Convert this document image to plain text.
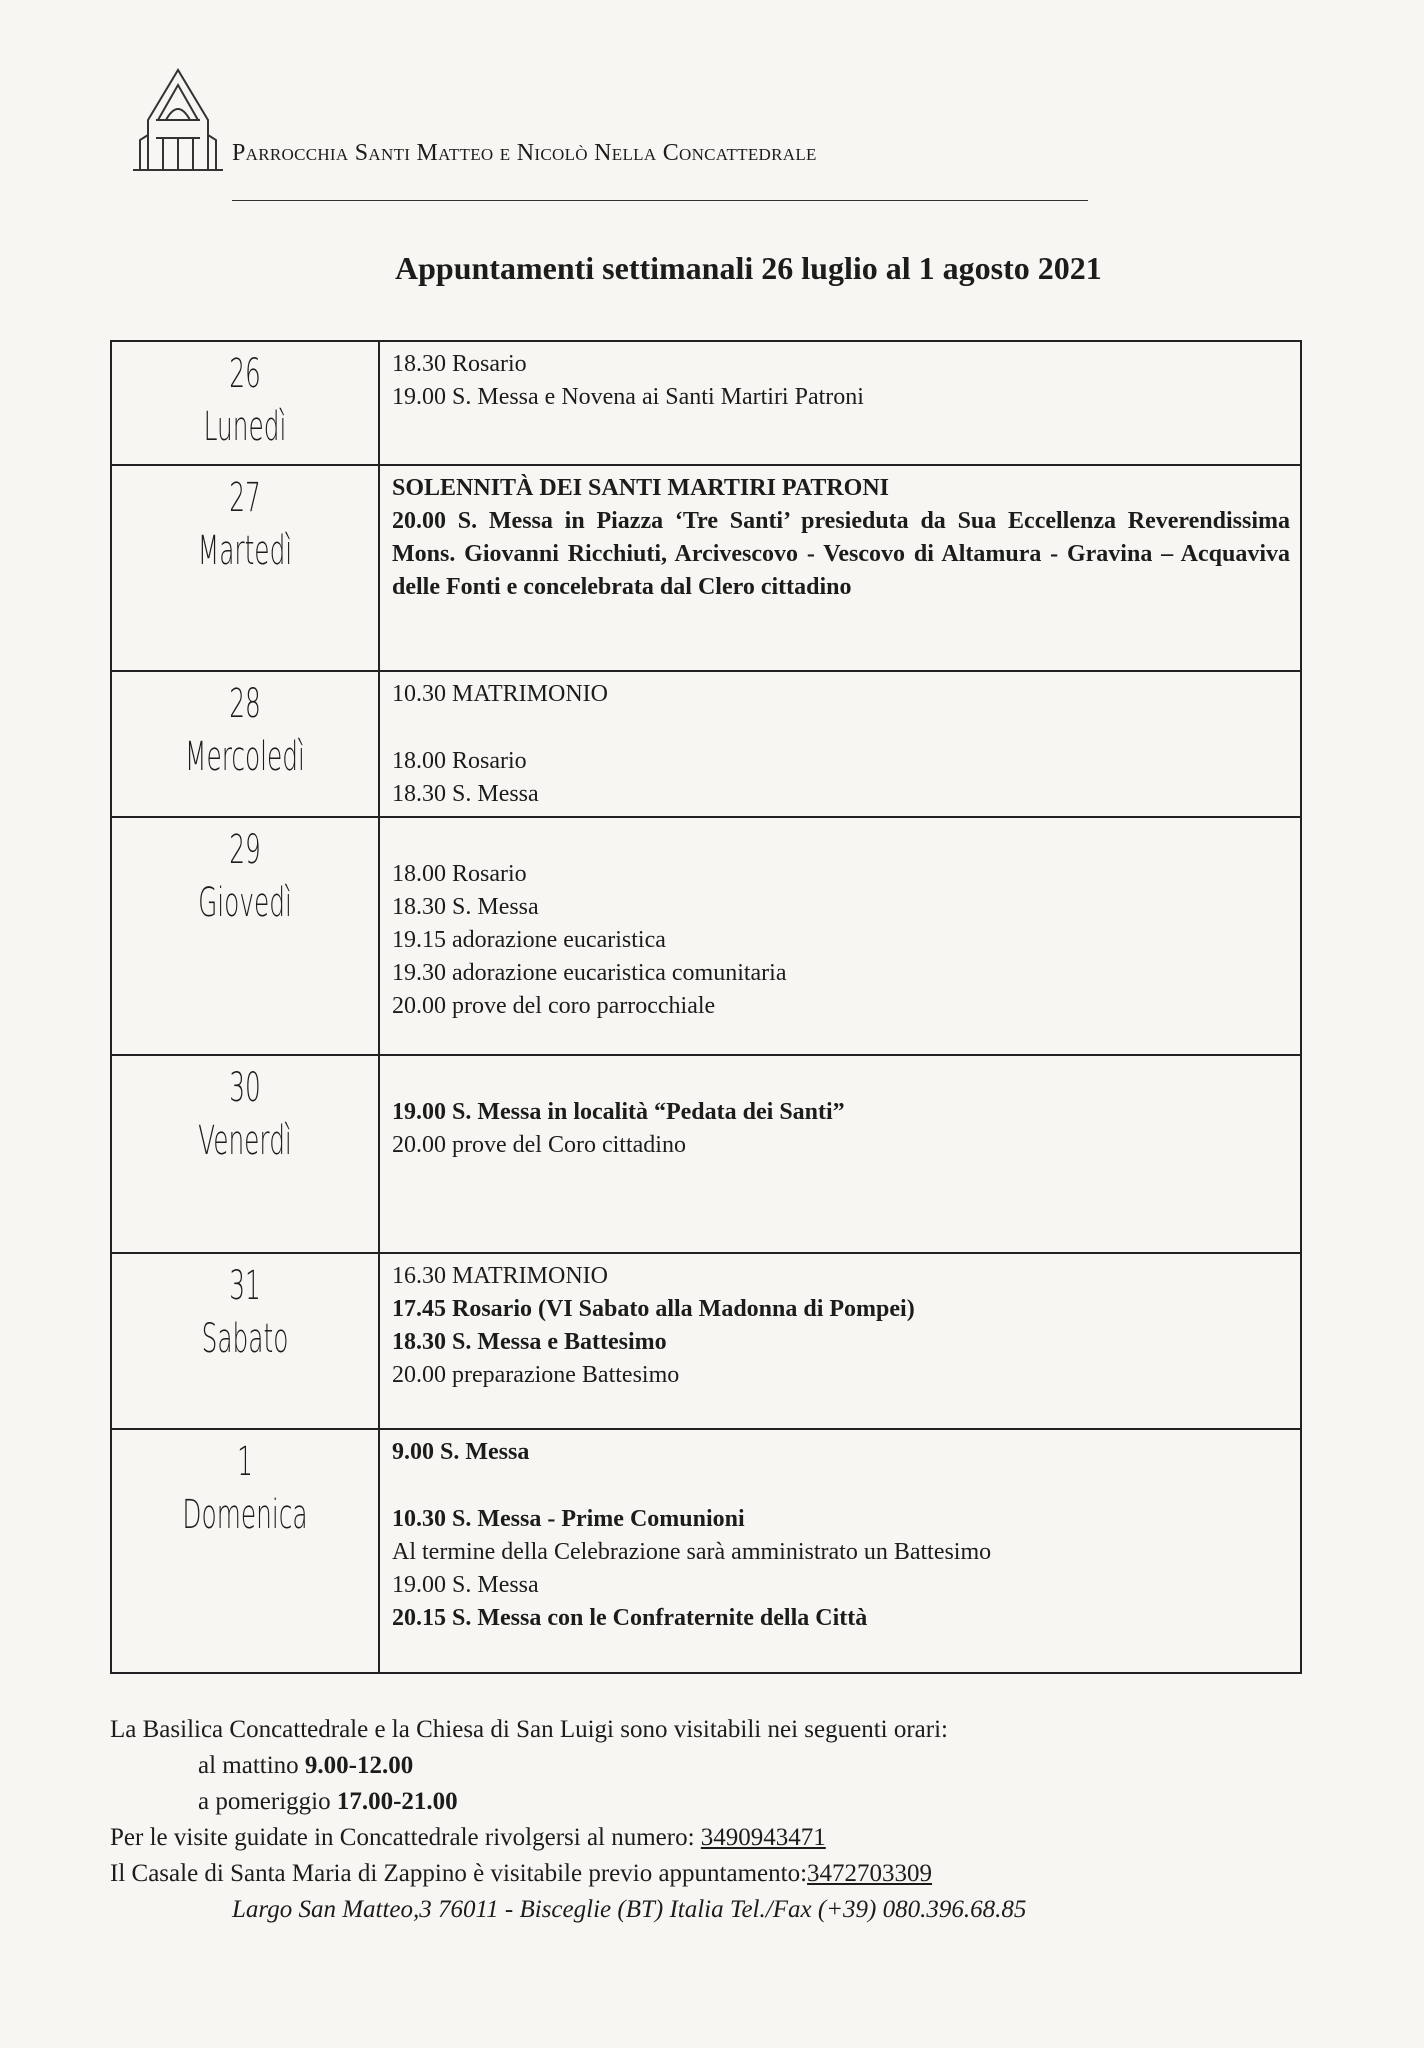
Parrocchia Santi Matteo e Nicolò Nella Concattedrale
Appuntamenti settimanali 26 luglio al 1 agosto 2021
26
Lunedì
18.30 Rosario
19.00 S. Messa e Novena ai Santi Martiri Patroni
27
Martedì
SOLENNITÀ DEI SANTI MARTIRI PATRONI
20.00 S. Messa in Piazza ‘Tre Santi’ presieduta da Sua Eccellenza Reverendissima Mons. Giovanni Ricchiuti, Arcivescovo - Vescovo di Altamura - Gravina – Acquaviva delle Fonti e concelebrata dal Clero cittadino
28
Mercoledì
10.30 MATRIMONIO
18.00 Rosario
18.30 S. Messa
29
Giovedì
18.00 Rosario
18.30 S. Messa
19.15 adorazione eucaristica
19.30 adorazione eucaristica comunitaria
20.00 prove del coro parrocchiale
30
Venerdì
19.00 S. Messa in località “Pedata dei Santi”
20.00 prove del Coro cittadino
31
Sabato
16.30 MATRIMONIO
17.45 Rosario (VI Sabato alla Madonna di Pompei)
18.30 S. Messa e Battesimo
20.00 preparazione Battesimo
1
Domenica
9.00 S. Messa
10.30 S. Messa - Prime Comunioni
Al termine della Celebrazione sarà amministrato un Battesimo
19.00 S. Messa
20.15 S. Messa con le Confraternite della Città
La Basilica Concattedrale e la Chiesa di San Luigi sono visitabili nei seguenti orari:
al mattino 9.00-12.00
a pomeriggio 17.00-21.00
Per le visite guidate in Concattedrale rivolgersi al numero: 3490943471
Il Casale di Santa Maria di Zappino è visitabile previo appuntamento:3472703309
Largo San Matteo,3 76011 - Bisceglie (BT) Italia Tel./Fax (+39) 080.396.68.85
